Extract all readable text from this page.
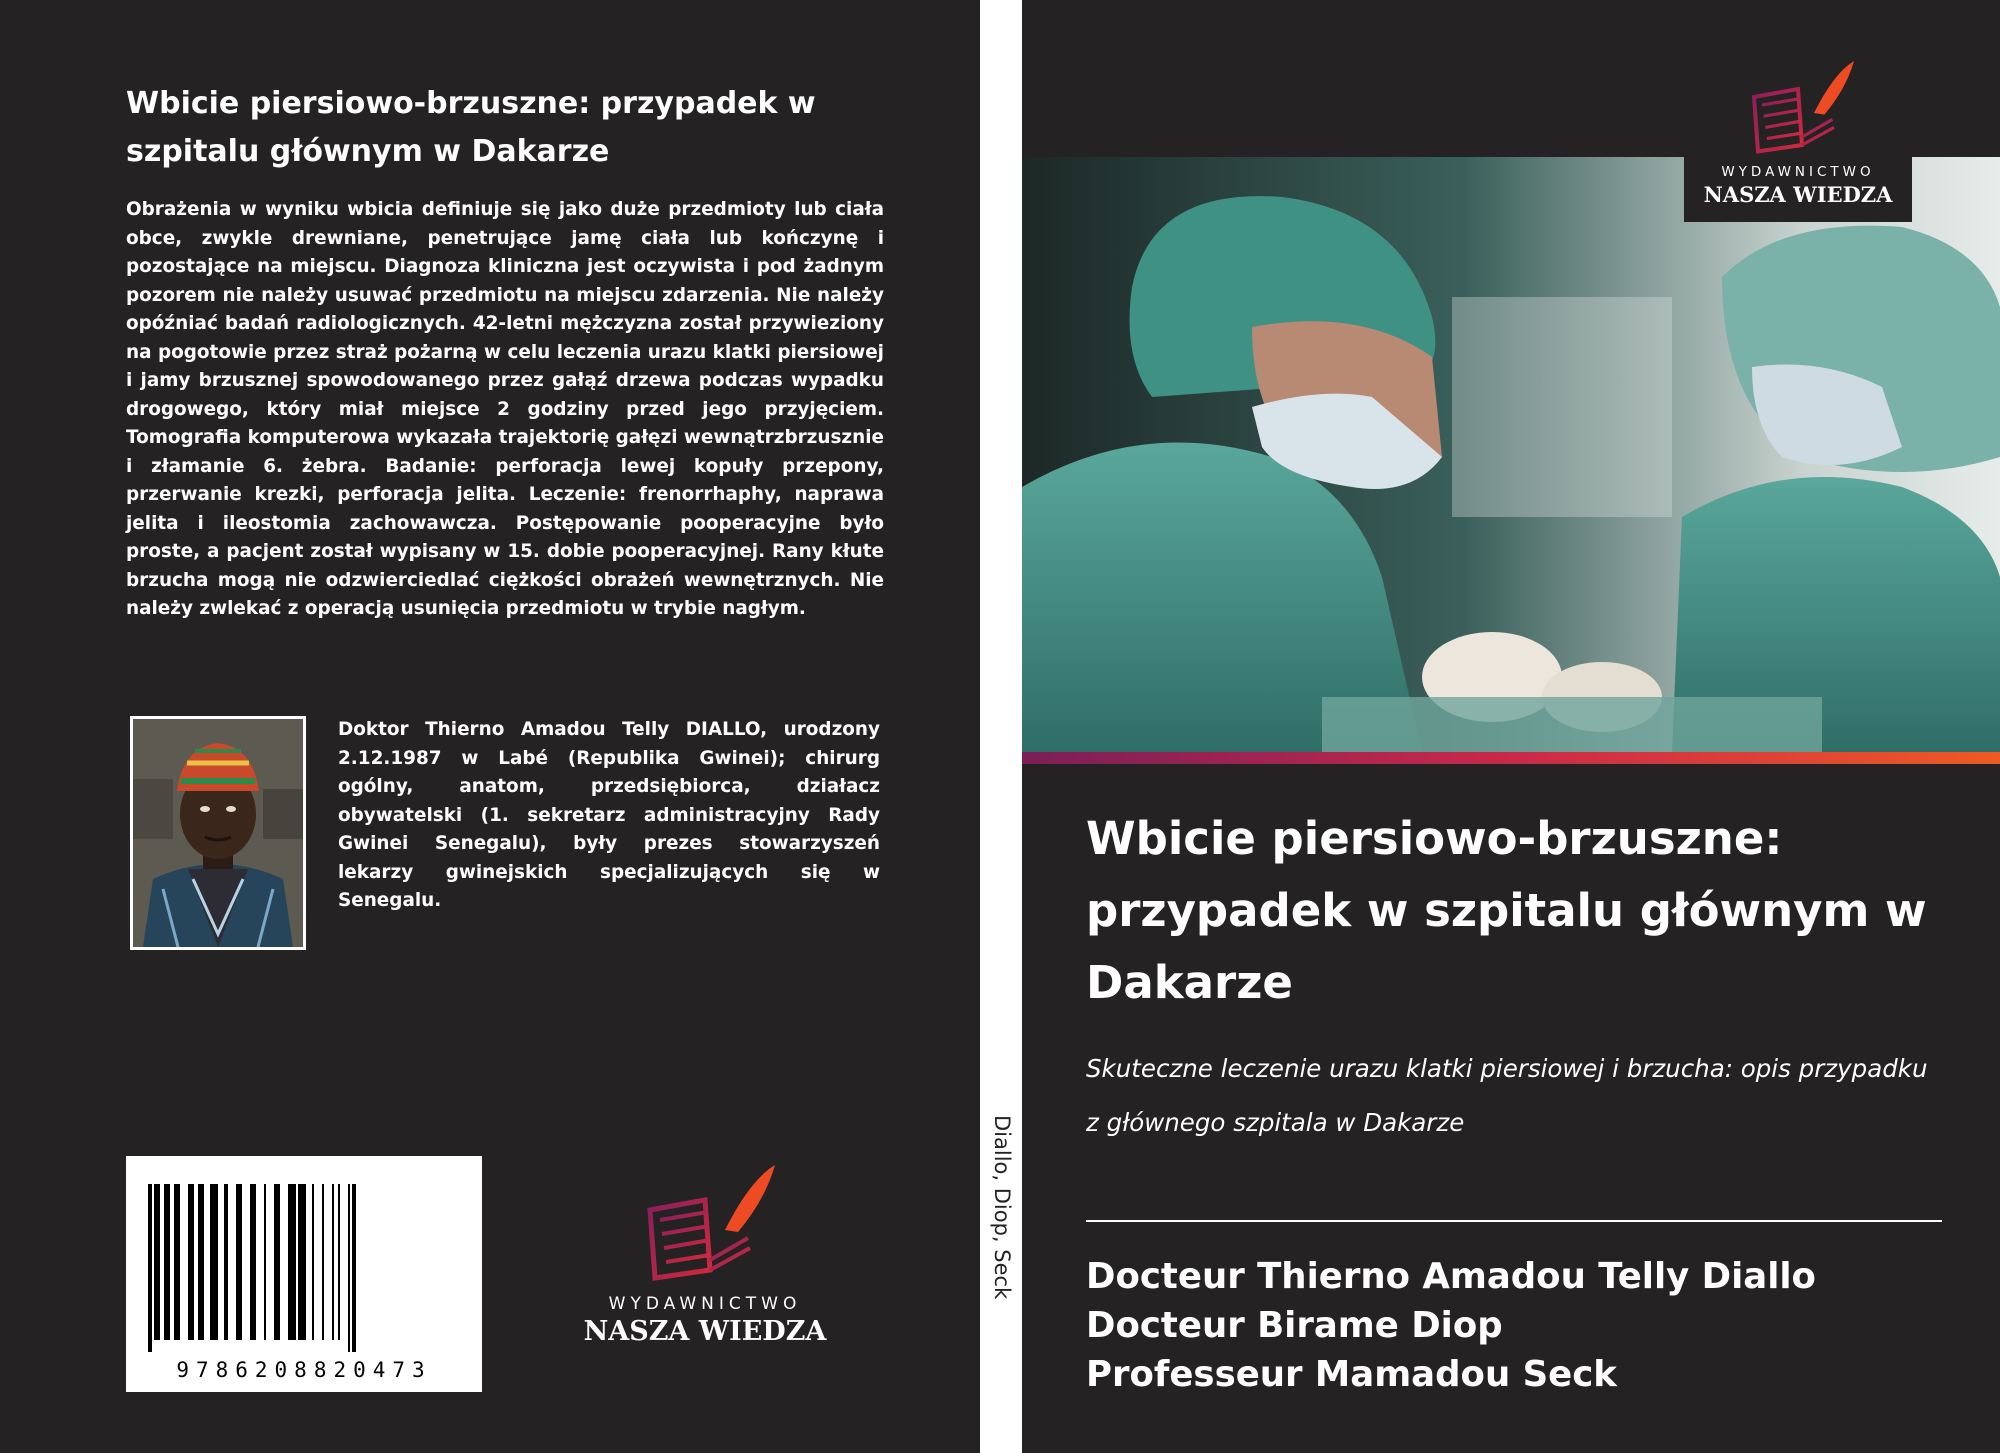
Wbicie piersiowo-brzuszne: przypadek w szpitalu głównym w Dakarze

Obrażenia w wyniku wbicia definiuje się jako duże przedmioty lub ciała obce, zwykle drewniane, penetrujące jamę ciała lub kończynę i pozostające na miejscu. Diagnoza kliniczna jest oczywista i pod żadnym pozorem nie należy usuwać przedmiotu na miejscu zdarzenia. Nie należy opóźniać badań radiologicznych. 42-letni mężczyzna został przywieziony na pogotowie przez straż pożarną w celu leczenia urazu klatki piersiowej i jamy brzusznej spowodowanego przez gałąź drzewa podczas wypadku drogowego, który miał miejsce 2 godziny przed jego przyjęciem. Tomografia komputerowa wykazała trajektorię gałęzi wewnątrzbrzusznie i złamanie 6. żebra. Badanie: perforacja lewej kopuły przepony, przerwanie krezki, perforacja jelita. Leczenie: frenorrhaphy, naprawa jelita i ileostomia zachowawcza. Postępowanie pooperacyjne było proste, a pacjent został wypisany w 15. dobie pooperacyjnej. Rany kłute brzucha mogą nie odzwierciedlać ciężkości obrażeń wewnętrznych. Nie należy zwlekać z operacją usunięcia przedmiotu w trybie nagłym.

Doktor Thierno Amadou Telly DIALLO, urodzony 2.12.1987 w Labé (Republika Gwinei); chirurg ogólny, anatom, przedsiębiorca, działacz obywatelski (1. sekretarz administracyjny Rady Gwinei Senegalu), były prezes stowarzyszeń lekarzy gwinejskich specjalizujących się w Senegalu.

9786208820473
WYDAWNICTWO
NASZA WIEDZA
Diallo, Diop, Seck
WYDAWNICTWO
NASZA WIEDZA
Wbicie piersiowo-brzuszne: przypadek w szpitalu głównym w Dakarze

Skuteczne leczenie urazu klatki piersiowej i brzucha: opis przypadku z głównego szpitala w Dakarze

Docteur Thierno Amadou Telly Diallo
Docteur Birame Diop
Professeur Mamadou Seck
